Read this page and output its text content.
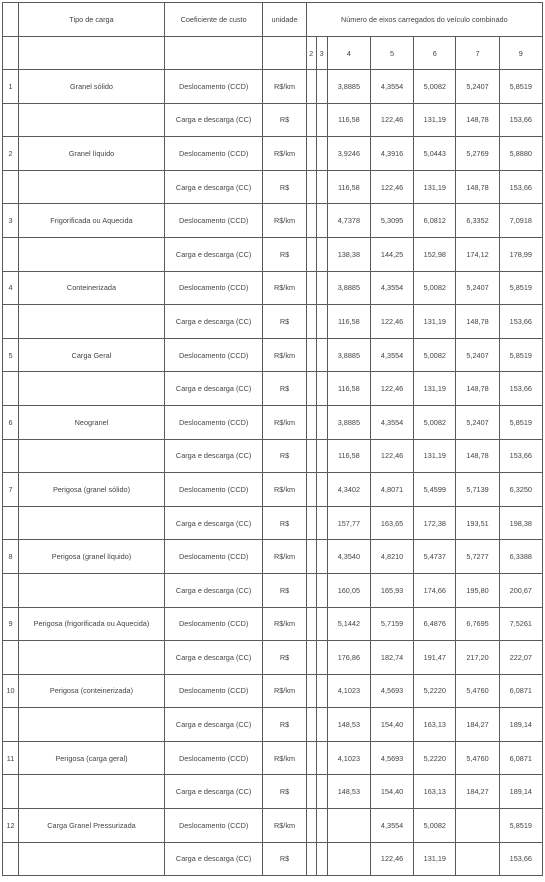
	Tipo de carga	Coeficiente de custo	unidade	Número de eixos carregados do veículo combinado						
				2	3	4	5	6	7	9
1	Granel sólido	Deslocamento (CCD)	R$/km			3,8885	4,3554	5,0082	5,2407	5,8519
		Carga e descarga (CC)	R$			116,58	122,46	131,19	148,78	153,66
2	Granel líquido	Deslocamento (CCD)	R$/km			3,9246	4,3916	5,0443	5,2769	5,8880
		Carga e descarga (CC)	R$			116,58	122,46	131,19	148,78	153,66
3	Frigorificada ou Aquecida	Deslocamento (CCD)	R$/km			4,7378	5,3095	6,0812	6,3352	7,0918
		Carga e descarga (CC)	R$			138,38	144,25	152,98	174,12	178,99
4	Conteinerizada	Deslocamento (CCD)	R$/km			3,8885	4,3554	5,0082	5,2407	5,8519
		Carga e descarga (CC)	R$			116,58	122,46	131,19	148,78	153,66
5	Carga Geral	Deslocamento (CCD)	R$/km			3,8885	4,3554	5,0082	5,2407	5,8519
		Carga e descarga (CC)	R$			116,58	122,46	131,19	148,78	153,66
6	Neogranel	Deslocamento (CCD)	R$/km			3,8885	4,3554	5,0082	5,2407	5,8519
		Carga e descarga (CC)	R$			116,58	122,46	131,19	148,78	153,66
7	Perigosa (granel sólido)	Deslocamento (CCD)	R$/km			4,3402	4,8071	5,4599	5,7139	6,3250
		Carga e descarga (CC)	R$			157,77	163,65	172,38	193,51	198,38
8	Perigosa (granel líquido)	Deslocamento (CCD)	R$/km			4,3540	4,8210	5,4737	5,7277	6,3388
		Carga e descarga (CC)	R$			160,05	165,93	174,66	195,80	200,67
9	Perigosa (frigorificada ou Aquecida)	Deslocamento (CCD)	R$/km			5,1442	5,7159	6,4876	6,7695	7,5261
		Carga e descarga (CC)	R$			176,86	182,74	191,47	217,20	222,07
10	Perigosa (conteinerizada)	Deslocamento (CCD)	R$/km			4,1023	4,5693	5,2220	5,4760	6,0871
		Carga e descarga (CC)	R$			148,53	154,40	163,13	184,27	189,14
11	Perigosa (carga geral)	Deslocamento (CCD)	R$/km			4,1023	4,5693	5,2220	5,4760	6,0871
		Carga e descarga (CC)	R$			148,53	154,40	163,13	184,27	189,14
12	Carga Granel Pressurizada	Deslocamento (CCD)	R$/km				4,3554	5,0082		5,8519
		Carga e descarga (CC)	R$				122,46	131,19		153,66
